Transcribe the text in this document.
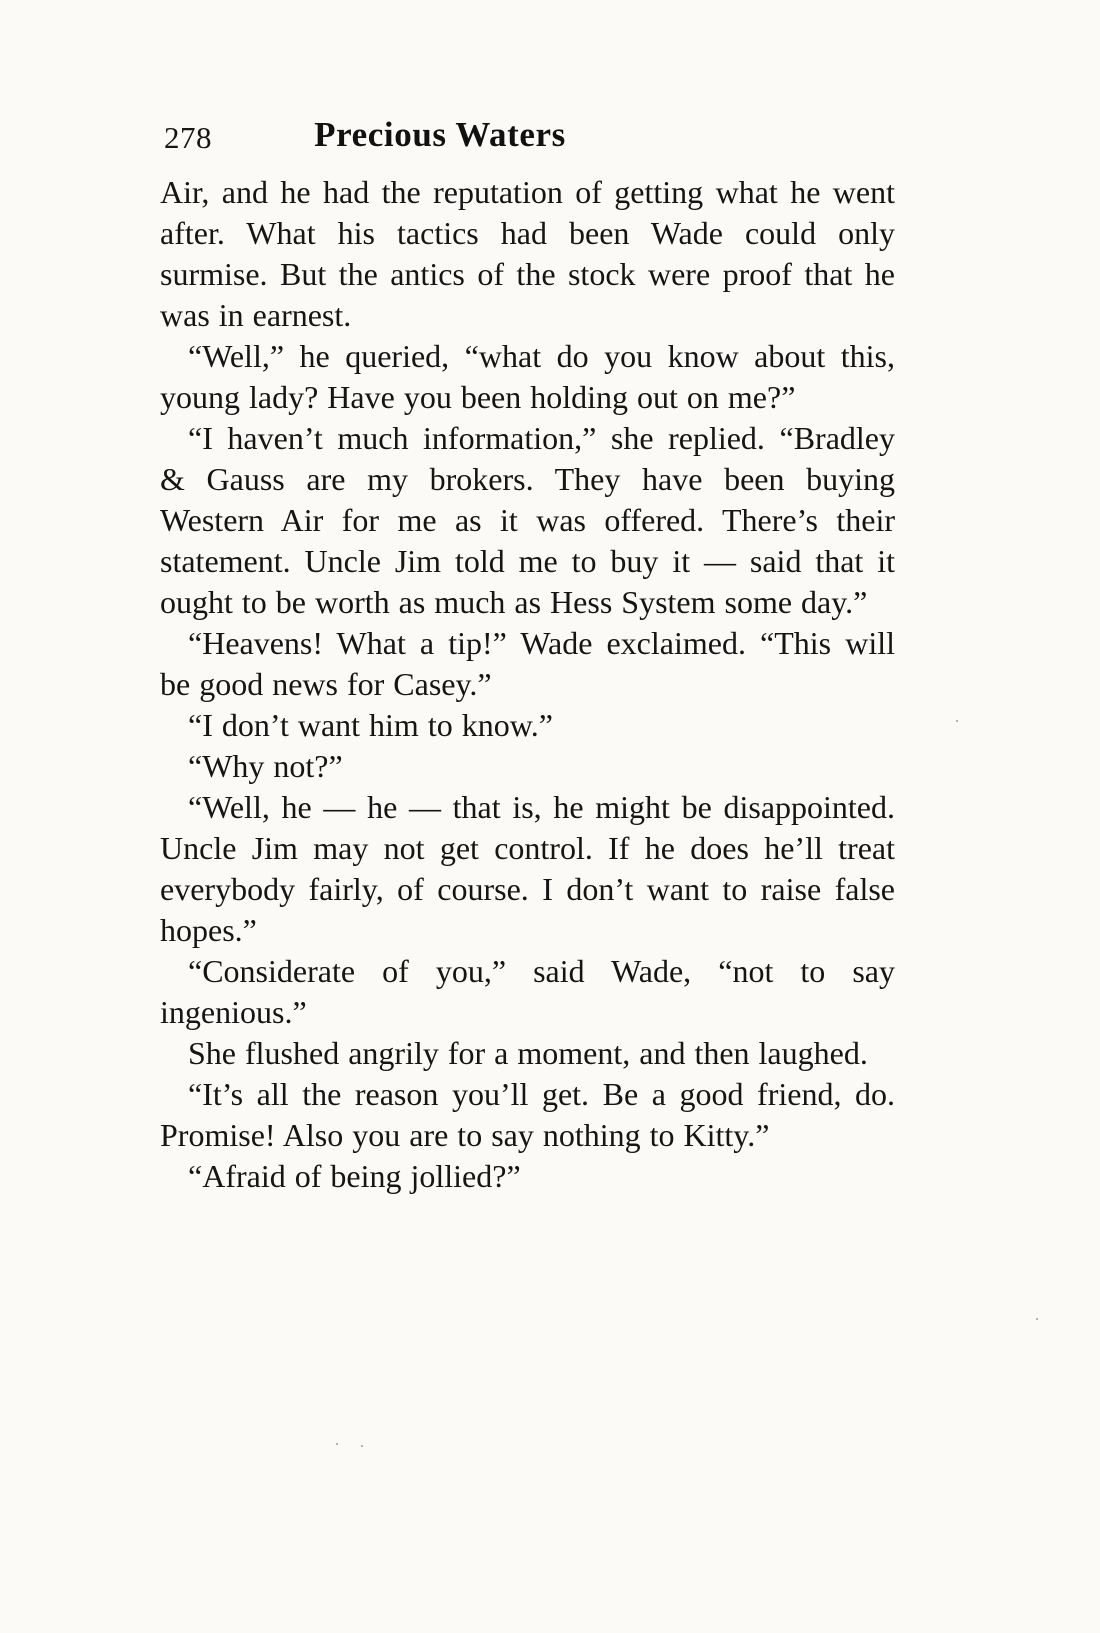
278	Precious Waters

Air, and he had the reputation of getting what he went after. What his tactics had been Wade could only surmise. But the antics of the stock were proof that he was in earnest.

“Well,” he queried, “what do you know about this, young lady? Have you been holding out on me?”

“I haven’t much information,” she replied. “Bradley & Gauss are my brokers. They have been buying Western Air for me as it was offered. There’s their statement. Uncle Jim told me to buy it — said that it ought to be worth as much as Hess System some day.”

“Heavens! What a tip!” Wade exclaimed. “This will be good news for Casey.”

“I don’t want him to know.”

“Why not?”

“Well, he — he — that is, he might be disappointed. Uncle Jim may not get control. If he does he’ll treat everybody fairly, of course. I don’t want to raise false hopes.”

“Considerate of you,” said Wade, “not to say ingenious.”

She flushed angrily for a moment, and then laughed.

“It’s all the reason you’ll get. Be a good friend, do. Promise! Also you are to say nothing to Kitty.”

“Afraid of being jollied?”
